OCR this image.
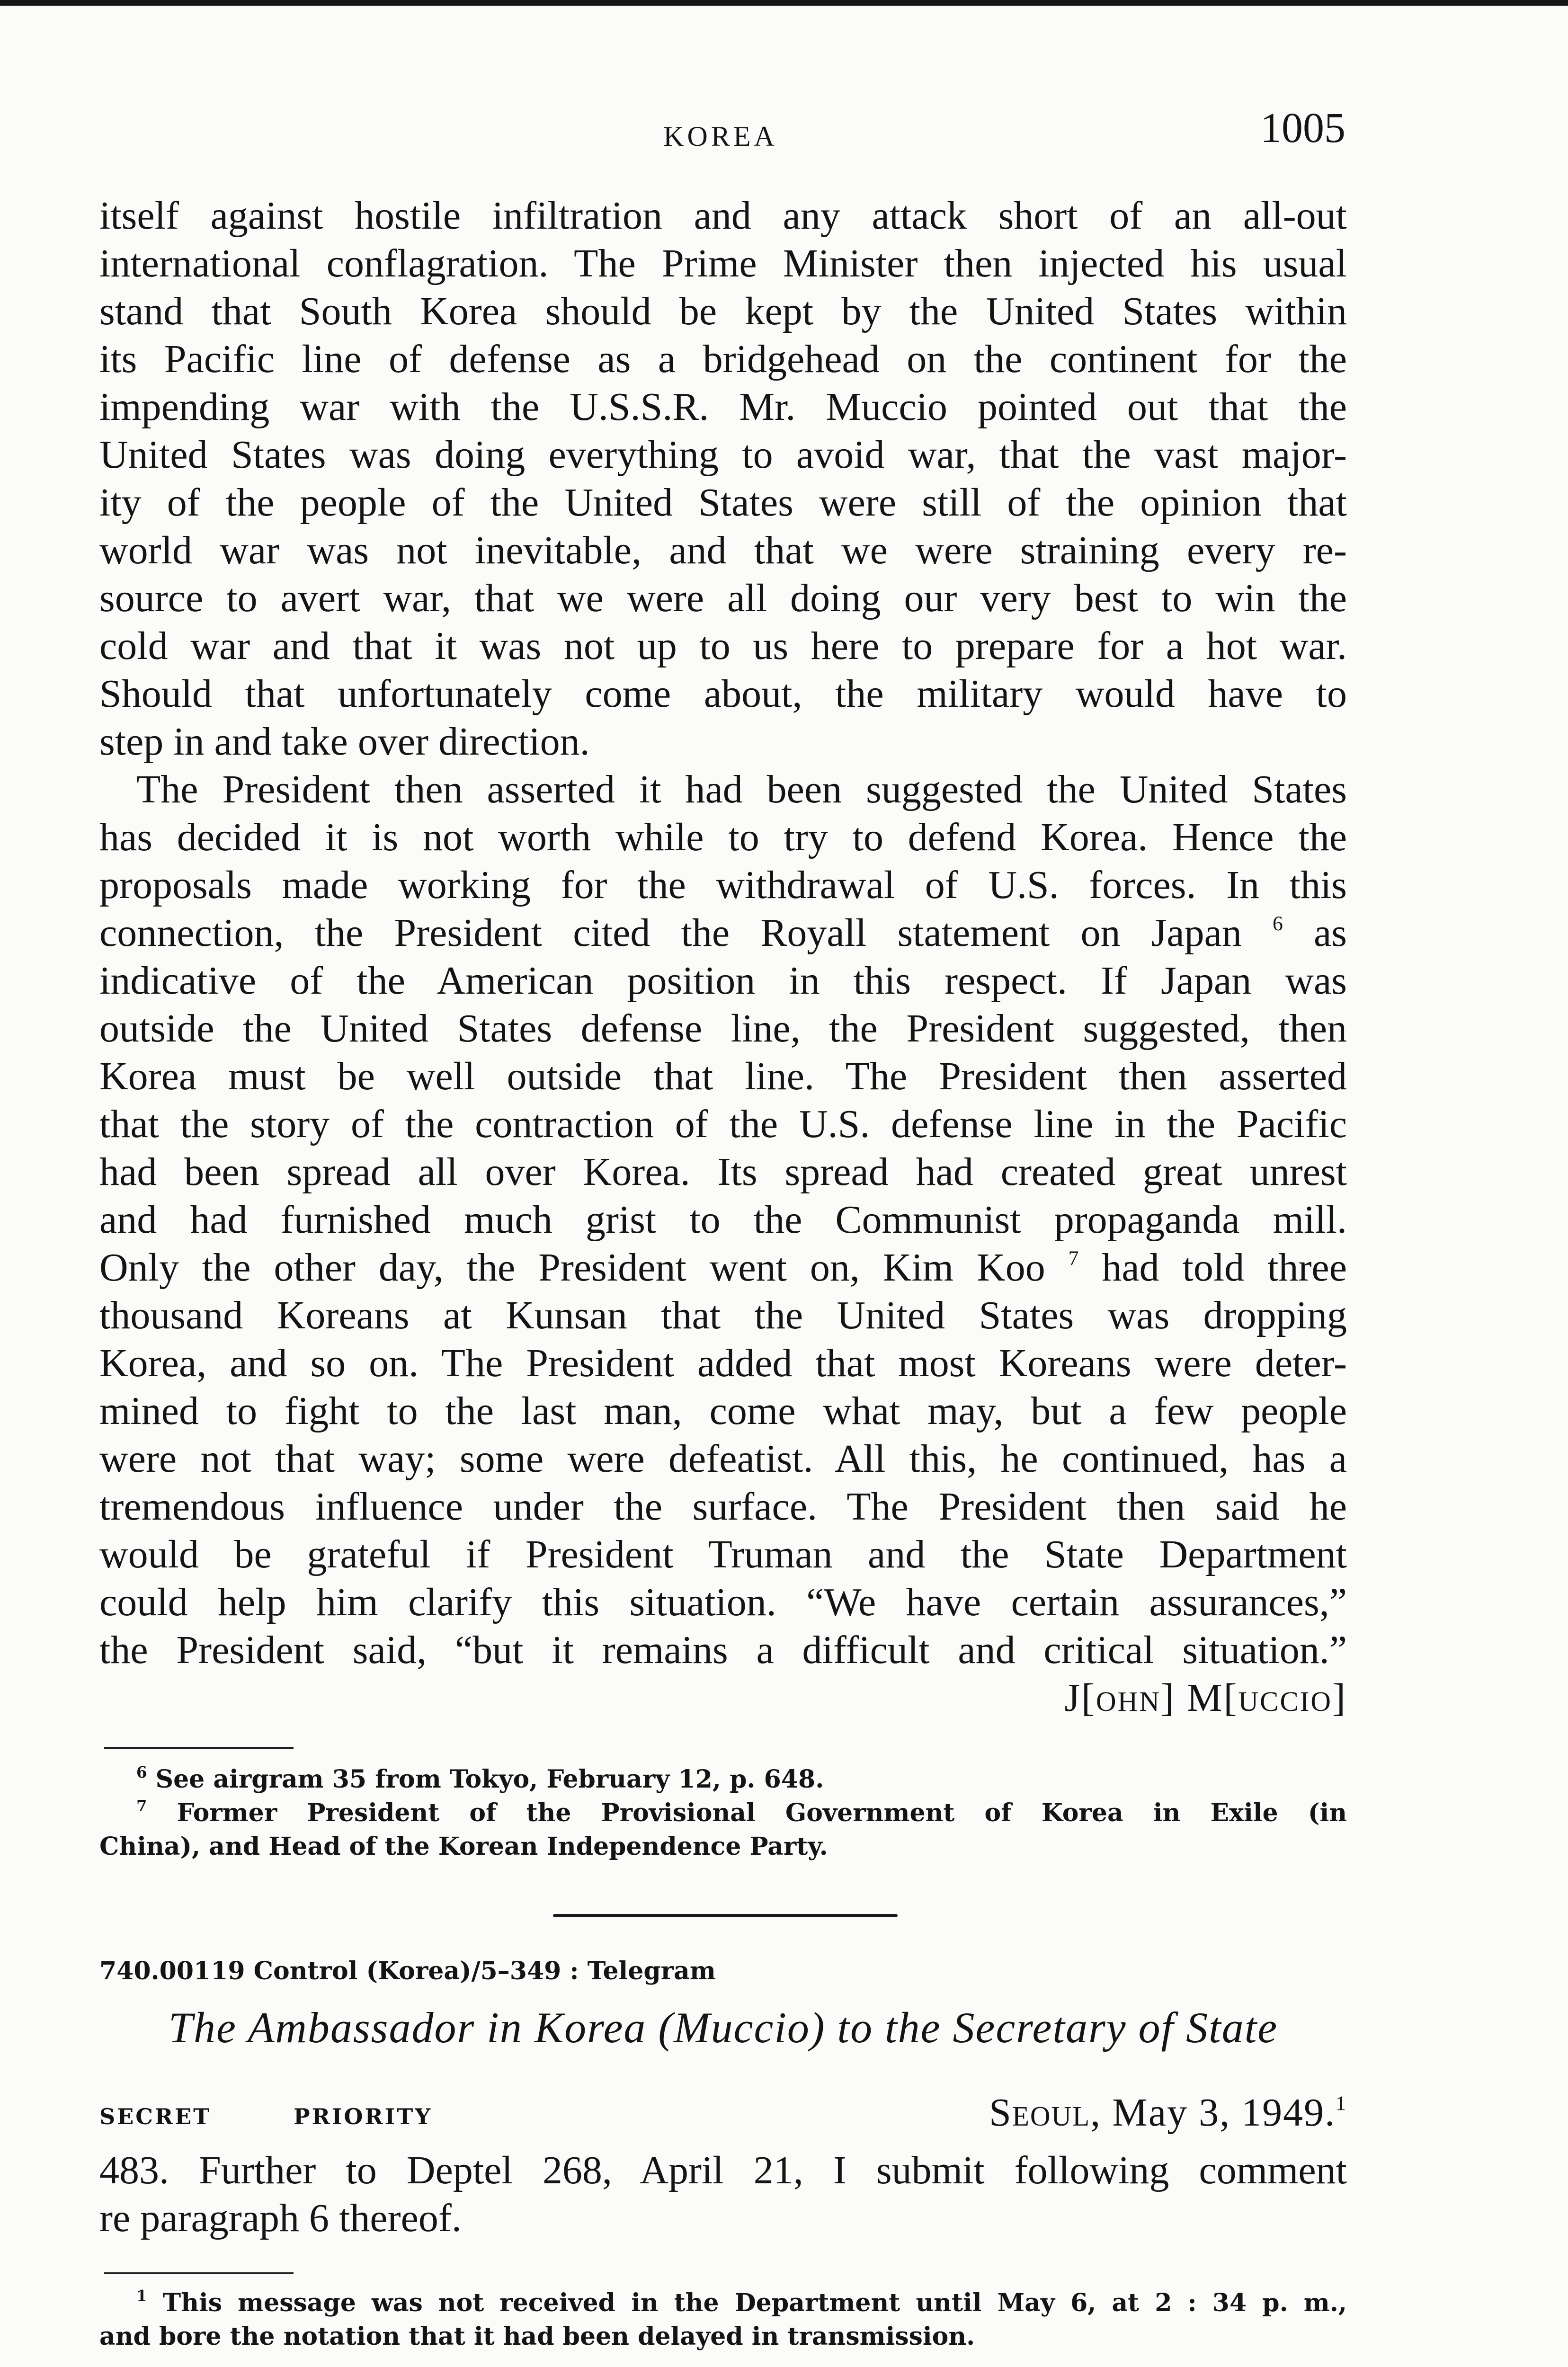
KOREA	1005
itself against hostile infiltration and any attack short of an all-out
international conflagration. The Prime Minister then injected his usual
stand that South Korea should be kept by the United States within
its Pacific line of defense as a bridgehead on the continent for the
impending war with the U.S.S.R. Mr. Muccio pointed out that the
United States was doing everything to avoid war, that the vast major-
ity of the people of the United States were still of the opinion that
world war was not inevitable, and that we were straining every re-
source to avert war, that we were all doing our very best to win the
cold war and that it was not up to us here to prepare for a hot war.
Should that unfortunately come about, the military would have to
step in and take over direction.
The President then asserted it had been suggested the United States
has decided it is not worth while to try to defend Korea. Hence the
proposals made working for the withdrawal of U.S. forces. In this
connection, the President cited the Royall statement on Japan $^6$ as
indicative of the American position in this respect. If Japan was
outside the United States defense line, the President suggested, then
Korea must be well outside that line. The President then asserted
that the story of the contraction of the U.S. defense line in the Pacific
had been spread all over Korea. Its spread had created great unrest
and had furnished much grist to the Communist propaganda mill.
Only the other day, the President went on, Kim Koo $^7$ had told three
thousand Koreans at Kunsan that the United States was dropping
Korea, and so on. The President added that most Koreans were deter-
mined to fight to the last man, come what may, but a few people
were not that way; some were defeatist. All this, he continued, has a
tremendous influence under the surface. The President then said he
would be grateful if President Truman and the State Department
could help him clarify this situation. “We have certain assurances,”
the President said, “but it remains a difficult and critical situation.”
J[ohn] M[uccio]
$^6$ See airgram 35 from Tokyo, February 12, p. 648.
$^7$ Former President of the Provisional Government of Korea in Exile (in
China), and Head of the Korean Independence Party.
740.00119 Control (Korea)/5–349 : Telegram
The Ambassador in Korea (Muccio) to the Secretary of State
SECRET	PRIORITY	Seoul, May 3, 1949.$^1$
483. Further to Deptel 268, April 21, I submit following comment
re paragraph 6 thereof.
$^1$ This message was not received in the Department until May 6, at 2 : 34 p. m.,
and bore the notation that it had been delayed in transmission.
